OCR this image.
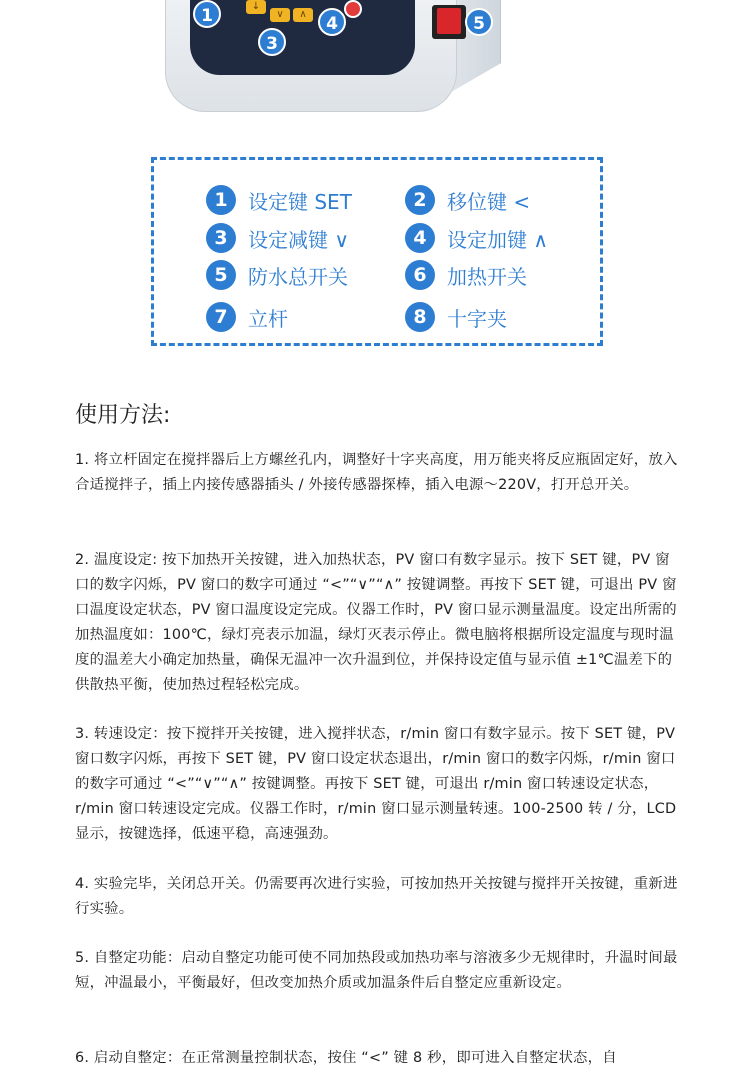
↓
∨	∧
1
3
4	5
1	设定键 SET	2	移位键 <
3	设定减键 ∨	4	设定加键 ∧
5	防水总开关	6	加热开关
7	立杆	8	十字夹
使用方法:
1. 将立杆固定在搅拌器后上方螺丝孔内，调整好十字夹高度，用万能夹将反应瓶固定好，放入合适搅拌子，插上内接传感器插头 / 外接传感器探棒，插入电源～220V，打开总开关。
2. 温度设定: 按下加热开关按键，进入加热状态，PV 窗口有数字显示。按下 SET 键，PV 窗口的数字闪烁，PV 窗口的数字可通过 “<”“∨”“∧” 按键调整。再按下 SET 键，可退出 PV 窗口温度设定状态，PV 窗口温度设定完成。仪器工作时，PV 窗口显示测量温度。设定出所需的加热温度如：100℃，绿灯亮表示加温，绿灯灭表示停止。微电脑将根据所设定温度与现时温度的温差大小确定加热量，确保无温冲一次升温到位，并保持设定值与显示值 ±1℃温差下的供散热平衡，使加热过程轻松完成。
3. 转速设定：按下搅拌开关按键，进入搅拌状态，r/min 窗口有数字显示。按下 SET 键，PV 窗口数字闪烁，再按下 SET 键，PV 窗口设定状态退出，r/min 窗口的数字闪烁，r/min 窗口的数字可通过 “<”“∨”“∧” 按键调整。再按下 SET 键，可退出 r/min 窗口转速设定状态，r/min 窗口转速设定完成。仪器工作时，r/min 窗口显示测量转速。100-2500 转 / 分，LCD 显示，按键选择，低速平稳，高速强劲。
4. 实验完毕，关闭总开关。仍需要再次进行实验，可按加热开关按键与搅拌开关按键，重新进行实验。
5. 自整定功能：启动自整定功能可使不同加热段或加热功率与溶液多少无规律时，升温时间最短，冲温最小，平衡最好，但改变加热介质或加温条件后自整定应重新设定。
6. 启动自整定：在正常测量控制状态，按住 “<” 键 8 秒，即可进入自整定状态，自
